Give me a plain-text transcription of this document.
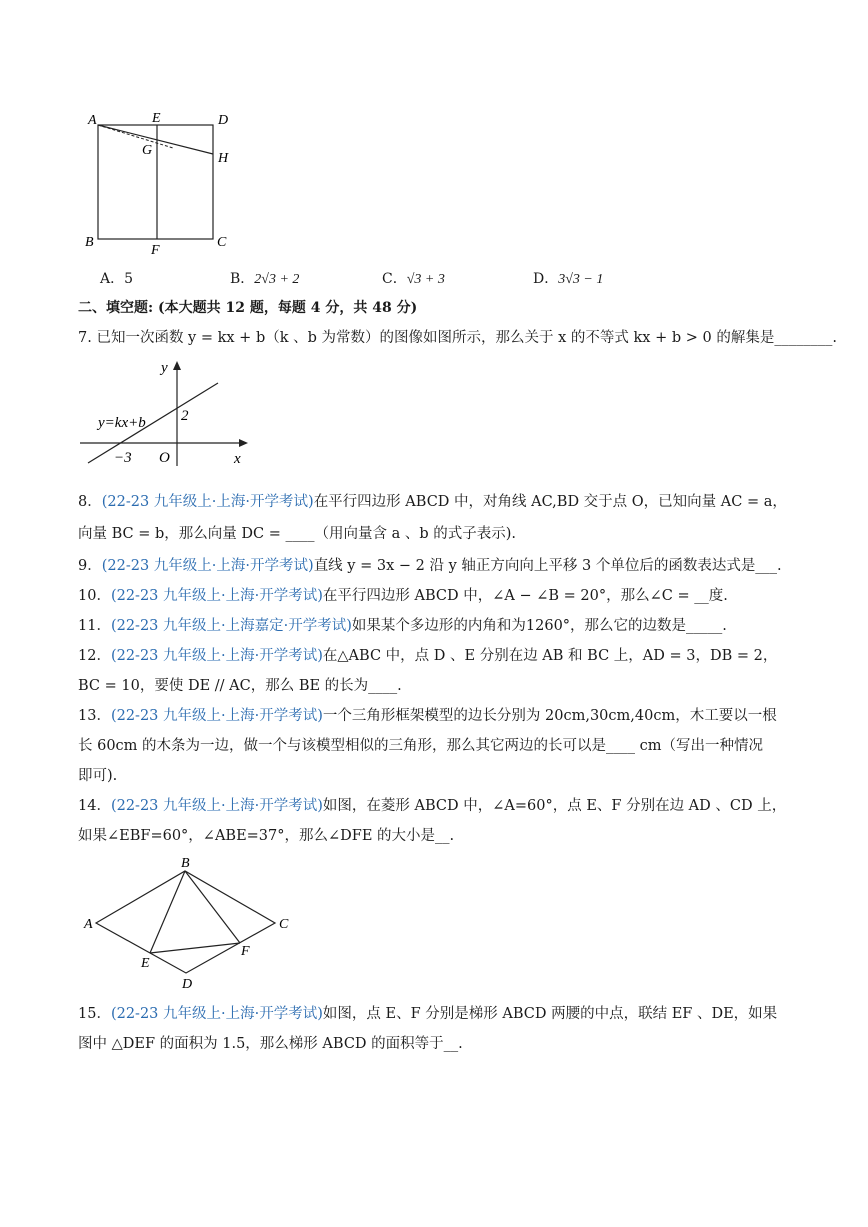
A	E	D
G
H
B
F
C
A．5	B．2√3 + 2	C．√3 + 3	D．3√3 − 1
二、填空题: (本大题共 12 题，每题 4 分，共 48 分)
7. 已知一次函数 y = kx + b（k 、b 为常数）的图像如图所示，那么关于 x 的不等式 kx + b > 0 的解集是________.
y
x
O
y=kx+b 2
−3
8．(22-23 九年级上·上海·开学考试)在平行四边形 ABCD 中，对角线 AC,BD 交于点 O，已知向量 AC = a，
向量 BC = b，那么向量 DC = ____（用向量含 a 、b 的式子表示).
9．(22-23 九年级上·上海·开学考试)直线 y = 3x − 2 沿 y 轴正方向向上平移 3 个单位后的函数表达式是___.
10．(22-23 九年级上·上海·开学考试)在平行四边形 ABCD 中，∠A − ∠B = 20°，那么∠C = __度.
11．(22-23 九年级上·上海嘉定·开学考试)如果某个多边形的内角和为1260°，那么它的边数是_____.
12．(22-23 九年级上·上海·开学考试)在△ABC 中，点 D 、E 分别在边 AB 和 BC 上，AD = 3，DB = 2，
BC = 10，要使 DE // AC，那么 BE 的长为____.
13．(22-23 九年级上·上海·开学考试)一个三角形框架模型的边长分别为 20cm,30cm,40cm，木工要以一根
长 60cm 的木条为一边，做一个与该模型相似的三角形，那么其它两边的长可以是____ cm（写出一种情况
即可).
14．(22-23 九年级上·上海·开学考试)如图，在菱形 ABCD 中，∠A=60°，点 E、F 分别在边 AD 、CD 上，
如果∠EBF=60°，∠ABE=37°，那么∠DFE 的大小是__.
A
B
C
D
E
F
15．(22-23 九年级上·上海·开学考试)如图，点 E、F 分别是梯形 ABCD 两腰的中点，联结 EF 、DE，如果
图中 △DEF 的面积为 1.5，那么梯形 ABCD 的面积等于__.
